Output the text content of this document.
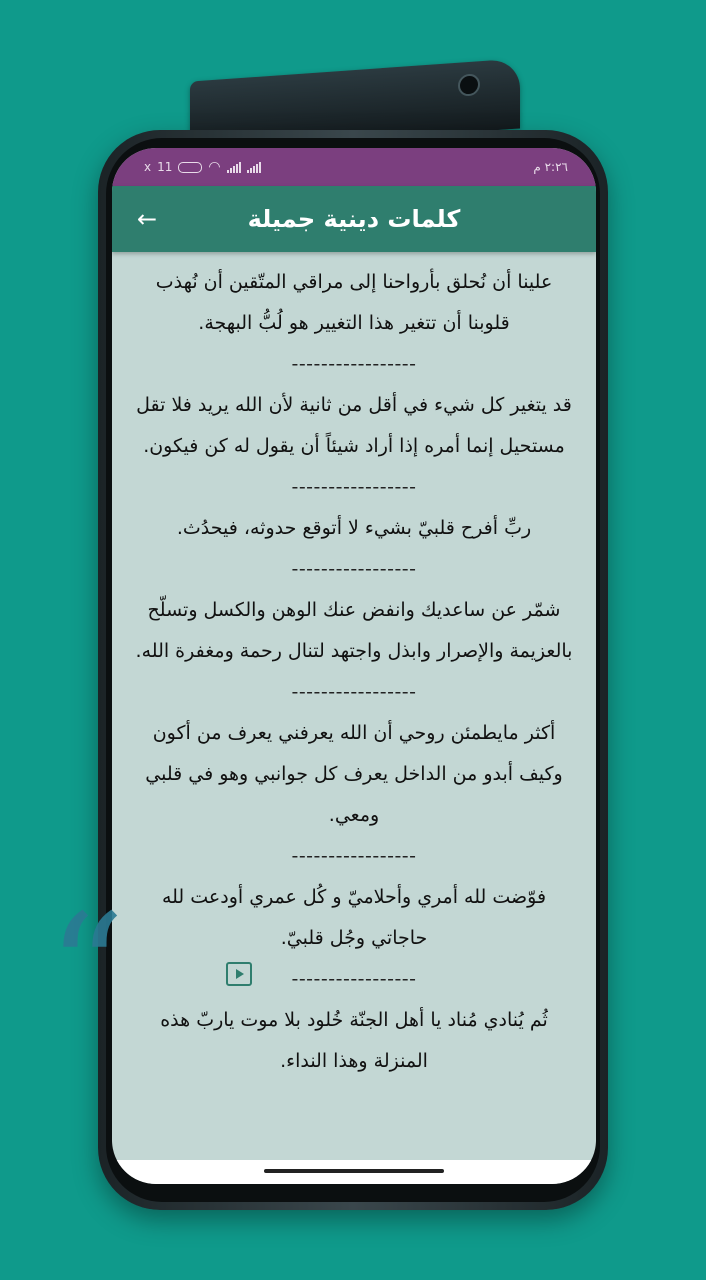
x 11	◠	٢:٢٦ م
←	كلمات دينية جميلة

علينا أن نُحلق بأرواحنا إلى مراقي المتّقين أن نُهذب قلوبنا أن تتغير هذا التغيير هو لُبُّ البهجة.

-----------------

قد يتغير كل شيء في أقل من ثانية لأن الله يريد فلا تقل مستحيل إنما أمره إذا أراد شيئاً أن يقول له كن فيكون.

-----------------

ربِّ أفرح قلبيّ بشيء لا أتوقع حدوثه، فيحدُث.

-----------------

شمّر عن ساعديك وانفض عنك الوهن والكسل وتسلّح بالعزيمة والإصرار وابذل واجتهد لتنال رحمة ومغفرة الله.

-----------------

أكثر مايطمئن روحي أن الله يعرفني يعرف من أكون وكيف أبدو من الداخل يعرف كل جوانبي وهو في قلبي ومعي.

-----------------

فوّضت لله أمري وأحلاميّ و كُل عمري أودعت لله حاجاتي وجُل قلبيّ.

-----------------

ثُم يُنادي مُناد يا أهل الجنّة خُلود بلا موت ياربّ هذه المنزلة وهذا النداء.

“
